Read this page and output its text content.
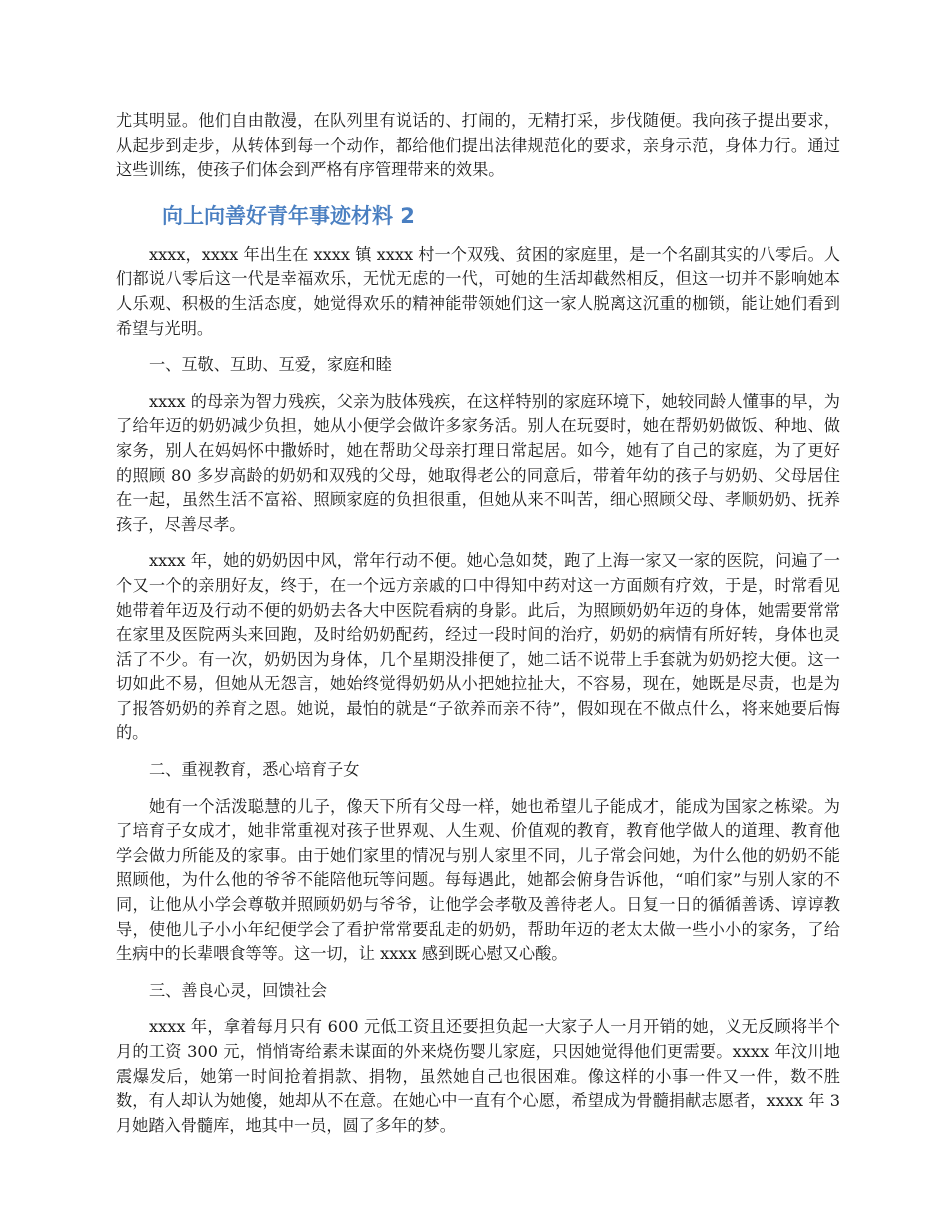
尤其明显。他们自由散漫，在队列里有说话的、打闹的，无精打采，步伐随便。我向孩子提出要求，从起步到走步，从转体到每一个动作，都给他们提出法律规范化的要求，亲身示范，身体力行。通过这些训练，使孩子们体会到严格有序管理带来的效果。

向上向善好青年事迹材料 2

xxxx，xxxx 年出生在 xxxx 镇 xxxx 村一个双残、贫困的家庭里，是一个名副其实的八零后。人们都说八零后这一代是幸福欢乐，无忧无虑的一代，可她的生活却截然相反，但这一切并不影响她本人乐观、积极的生活态度，她觉得欢乐的精神能带领她们这一家人脱离这沉重的枷锁，能让她们看到希望与光明。

一、互敬、互助、互爱，家庭和睦

xxxx 的母亲为智力残疾，父亲为肢体残疾，在这样特别的家庭环境下，她较同龄人懂事的早，为了给年迈的奶奶减少负担，她从小便学会做许多家务活。别人在玩耍时，她在帮奶奶做饭、种地、做家务，别人在妈妈怀中撒娇时，她在帮助父母亲打理日常起居。如今，她有了自己的家庭，为了更好的照顾 80 多岁高龄的奶奶和双残的父母，她取得老公的同意后，带着年幼的孩子与奶奶、父母居住在一起，虽然生活不富裕、照顾家庭的负担很重，但她从来不叫苦，细心照顾父母、孝顺奶奶、抚养孩子，尽善尽孝。

xxxx 年，她的奶奶因中风，常年行动不便。她心急如焚，跑了上海一家又一家的医院，问遍了一个又一个的亲朋好友，终于，在一个远方亲戚的口中得知中药对这一方面颇有疗效，于是，时常看见她带着年迈及行动不便的奶奶去各大中医院看病的身影。此后，为照顾奶奶年迈的身体，她需要常常在家里及医院两头来回跑，及时给奶奶配药，经过一段时间的治疗，奶奶的病情有所好转，身体也灵活了不少。有一次，奶奶因为身体，几个星期没排便了，她二话不说带上手套就为奶奶挖大便。这一切如此不易，但她从无怨言，她始终觉得奶奶从小把她拉扯大，不容易，现在，她既是尽责，也是为了报答奶奶的养育之恩。她说，最怕的就是“子欲养而亲不待”，假如现在不做点什么，将来她要后悔的。

二、重视教育，悉心培育子女

她有一个活泼聪慧的儿子，像天下所有父母一样，她也希望儿子能成才，能成为国家之栋梁。为了培育子女成才，她非常重视对孩子世界观、人生观、价值观的教育，教育他学做人的道理、教育他学会做力所能及的家事。由于她们家里的情况与别人家里不同，儿子常会问她，为什么他的奶奶不能照顾他，为什么他的爷爷不能陪他玩等问题。每每遇此，她都会俯身告诉他，“咱们家”与别人家的不同，让他从小学会尊敬并照顾奶奶与爷爷，让他学会孝敬及善待老人。日复一日的循循善诱、谆谆教导，使他儿子小小年纪便学会了看护常常要乱走的奶奶，帮助年迈的老太太做一些小小的家务，了给生病中的长辈喂食等等。这一切，让 xxxx 感到既心慰又心酸。

三、善良心灵，回馈社会

xxxx 年，拿着每月只有 600 元低工资且还要担负起一大家子人一月开销的她，义无反顾将半个月的工资 300 元，悄悄寄给素未谋面的外来烧伤婴儿家庭，只因她觉得他们更需要。xxxx 年汶川地震爆发后，她第一时间抢着捐款、捐物，虽然她自己也很困难。像这样的小事一件又一件，数不胜数，有人却认为她傻，她却从不在意。在她心中一直有个心愿，希望成为骨髓捐献志愿者，xxxx 年 3 月她踏入骨髓库，地其中一员，圆了多年的梦。
